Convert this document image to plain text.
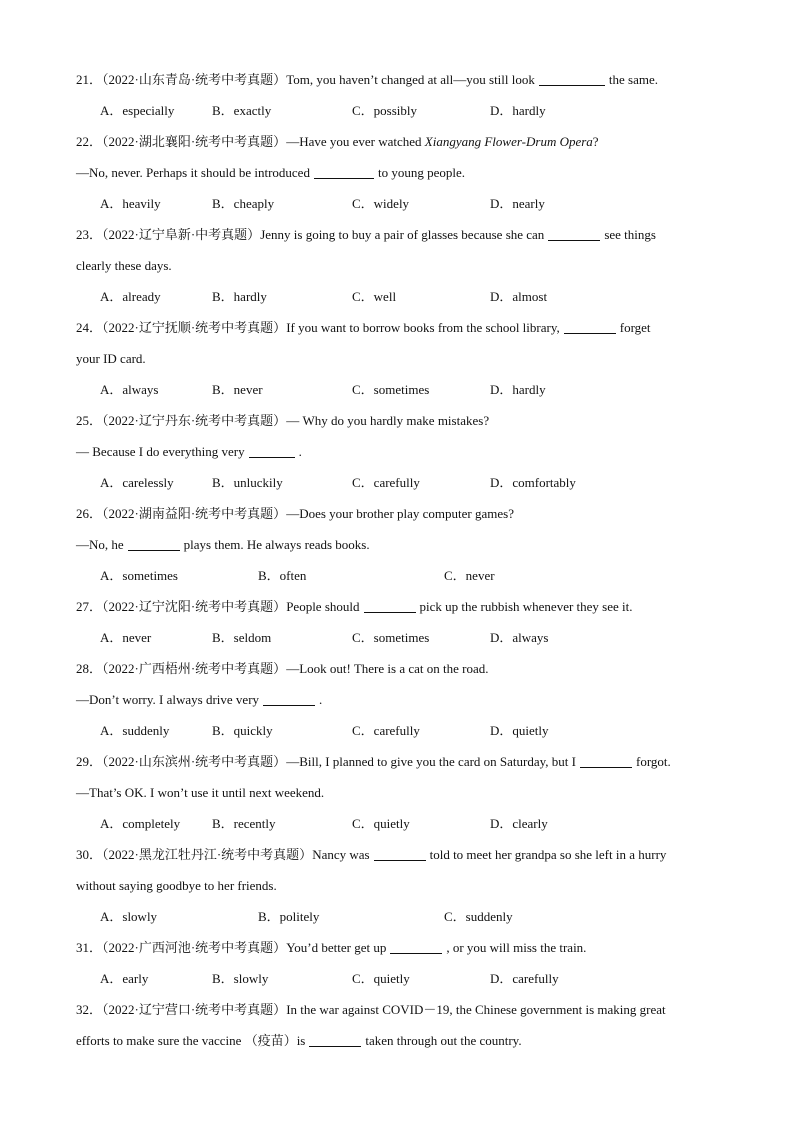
21．（2022·山东青岛·统考中考真题）Tom, you haven’t changed at all—you still look	the same.
A．especially	B．exactly	C．possibly	D．hardly
22．（2022·湖北襄阳·统考中考真题）—Have you ever watched Xiangyang Flower-Drum Opera?
—No, never. Perhaps it should be introduced	to young people.
A．heavily	B．cheaply	C．widely	D．nearly
23．（2022·辽宁阜新·中考真题）Jenny is going to buy a pair of glasses because she can	see things
clearly these days.
A．already	B．hardly	C．well	D．almost
24．（2022·辽宁抚顺·统考中考真题）If you want to borrow books from the school library,	forget
your ID card.
A．always	B．never	C．sometimes	D．hardly
25．（2022·辽宁丹东·统考中考真题）— Why do you hardly make mistakes?
— Because I do everything very	.
A．carelessly	B．unluckily	C．carefully	D．comfortably
26．（2022·湖南益阳·统考中考真题）—Does your brother play computer games?
—No, he	plays them. He always reads books.
A．sometimes	B．often	C．never
27．（2022·辽宁沈阳·统考中考真题）People should	pick up the rubbish whenever they see it.
A．never	B．seldom	C．sometimes	D．always
28．（2022·广西梧州·统考中考真题）—Look out! There is a cat on the road.
—Don’t worry. I always drive very	.
A．suddenly	B．quickly	C．carefully	D．quietly
29．（2022·山东滨州·统考中考真题）—Bill, I planned to give you the card on Saturday, but I	forgot.
—That’s OK. I won’t use it until next weekend.
A．completely B．recently	C．quietly	D．clearly
30．（2022·黑龙江牡丹江·统考中考真题）Nancy was	told to meet her grandpa so she left in a hurry
without saying goodbye to her friends.
A．slowly	B．politely	C．suddenly
31．（2022·广西河池·统考中考真题）You’d better get up	, or you will miss the train.
A．early	B．slowly	C．quietly	D．carefully
32．（2022·辽宁营口·统考中考真题）In the war against COVID－19, the Chinese government is making great
efforts to make sure the vaccine （疫苗）is	taken through out the country.
